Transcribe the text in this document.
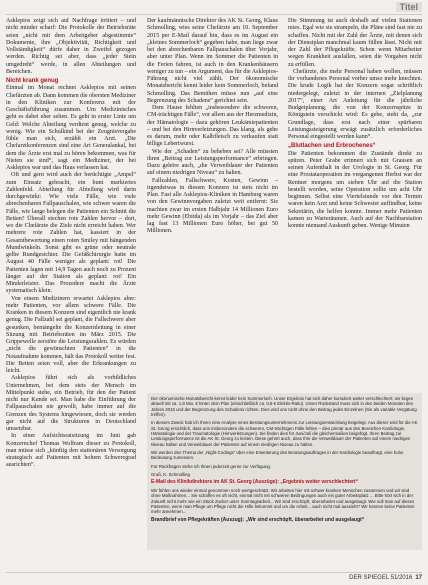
Titel

Asklepios zeigt sich auf Nachfrage irritiert – und nicht minder scharf: Die Protokolle der Betriebsräte seien „nicht mit dem Arbeitgeber abgestimmte“ Dokumente, ihre „Objektivität, Richtigkeit und Vollständigkeit“ dürfe daher in Zweifel gezogen werden. Richtig sei aber, dass „jeder Stein umgedreht“ werde, in allen Abteilungen und Bereichen.

Nicht krank genug

Einmal im Monat rechnet Asklepios mit seinen Chefärzten ab. Dann kommen die obersten Mediziner in den Kliniken zur Konferenz mit der Geschäftsführung zusammen. Um Medizinisches geht es dabei eher selten. Es geht in erster Linie um Geld: Welche Abteilung verdient genug, welche zu wenig. Wie ein Schulkind bei der Zeugnisvergabe fühle man sich, erzählt ein Arzt. „Die Chefarztkonferenzen sind eine Art Generalankal, bei dem die Ärzte erst mal zu hören bekommen, was für Nieten sie sind“, sagt ein Mediziner, der bei Asklepios war und das Haus verlassen hat.

Oft und gern wird auch der berüchtigte „Ampel“ zum Einsatz gebracht, ein bunt markiertes Zahlenfeld. Abteilung für Abteilung wird darin durchgewürkt: Wie viele Fälle, wie viele abrechenbaren Fallpauschalen, wie schwer waren die Fälle, wie lange belegen die Patienten ein Schnitt die Betten? Überall stechen rote Zahlen hervor – dort, wo die Chefärzte die Ziele nicht erreicht haben. Wer mehrere rote Zahlen hat, kassiert in der Gesamtbewertung einen roten Smiley mit hängenden Mundwinkeln. Sonst gibt es grüne oder neutrale gelbe Rundgesichter. Die Gefäßchirurgie hatte im August 40 Fälle weniger als geplant: rot! Die Patienten lagen mit 14,9 Tagen auch noch zu Prozent länger auf der Station als geplant: rot! Ein Minderleister. Das Prozedere macht die Ärzte systematisch klein.

Von einem Medizinern erwartet Asklepios aber: mehr Patienten, vor allem schwere Fälle. Die Kranken in diesem Konzern sind eigentlich nie krank genug. Die Fallzahl sei geplant, die Fallschwere aber gesunken, bemängelte die Konzernleitung in einer Sitzung mit Betriebsräten im März 2015. Die Grippewelle zerstöre die Leistungszahlen. Es würden „nicht die gewünschten Patienten“ in die Notaufnahme kommen, hält das Protokoll weiter fest. Die Betten seien voll, aber die Erkrankungen zu leicht.

Asklepios führt sich als vorbildliches Unternehmen, bei dem stets der Mensch im Mittelpunkt stehe, ein Betrieb, für den der Patient nicht nur Kunde sei. Man habe die Einführung der Fallpauschalen nie gewollt, habe immer auf die Grenzen des Systems hingewiesen, doch sie werden gar nicht auf die Strukturen in Deutschland umsetzbar.

In einer Aufsichtsratsitzung im Juni gab Konzernchef Thomas Wolfram dieser zu Protokoll, man müsse sich „künftig den stationären Versorgung strategisch auf Patienten mit hohem Schweregrad ausrichten“.

Der kaufmännische Direktor des AK St. Georg, Klaus Schmolling, wies seine Chefärzte am 10. September 2015 per E-Mail darauf hin, dass es im August ein „kleines Sommerloch“ gegeben habe, man liege zwar bei den abrechenbaren Fallpauschalen über Vorjahr, aber unter Plan. Wenn im Sommer die Patienten in die Ferien fahren, ist auch in den Krankenhäusern weniger zu tun – ein Argument, das für die Asklepios-Führung nicht viel zählt. Der ökonomische Monatsbericht kennt leider kein Sommerloch, befand Schmolling. Das Bemühen müsse nun „auf eine Begrenzung des Schadens“ gerichtet sein.

Dem Hause fehlten „insbesondere die schweren, CM-trächtigen Fälle“, vor allem aus der Herzmedizin, der Hämatologie – dazu gehören Leukämiepatienten – und bei den Hirnverletzungen. Das klang, als gehe es darum, mehr oder Kalbfleisch zu verkaufen statt billige Lebertwurst.

Wie der „Schaden“ zu beheben sei? Alle müssten ihren „Beitrag zur Leistungsperformance“ erbringen. Dazu gehöre auch, „die Verweildauer der Patienten auf einem niedrigen Niveau“ zu halten.

Fallzahlen, Fallschwere, Kosten, Gewinn – irgendetwas in diesem Konzern ist stets nicht im Plan. Fast alle Asklepios-Kliniken in Hamburg waren von den Gewinnvorgaben zuletzt weit entfernt: Sie machten zwar im ersten Halbjahr 14 Millionen Euro mehr Gewinn (Ebitda) als im Vorjahr – das Ziel aber lag fast 13 Millionen Euro höher, bei gut 50 Millionen.

Die Stimmung ist auch deshalb auf vielen Stationen mies. Egal wie sie strampeln, die Pläne sind fast nie zu schaffen. Nicht mit der Zahl der Ärzte, mit denen sich der Dienstplan manchmal kaum füllen lässt. Nicht mit der Zahl der Pflegekräfte. Schon wenn Mitarbeiter wegen Krankheit ausfallen, seien die Vorgaben nicht zu erfüllen.

Chefärzte, die mehr Personal haben wollen, müssen ihr vorhandenes Personal vorher umso mehr knechten. Die krude Logik hat der Konzern sogar schriftlich niedergelegt, zuletzt in der internen „Zielplanung 2017“, einer Art Anleitung für die jährliche Budgetplanung, die von der Konzernspitze in Königstein verschickt wird: Es gebe, steht da, „zur Grundlage, dass erst nach einer spürbaren Leistungssteigerung erwägt zusätzlich erforderliches Personal eingestellt werden kann“.

„Blutlachen und Erbrochenes“

Die Patienten bekommen die Zustände direkt zu spüren. Peter Grabe erinnert sich mit Grausen an seinen Aufenthalt in der Urologie in St. Georg. Für eine Prostataoperation im vergangenen Herbst war der Rentner morgens um sieben Uhr auf die Station bestellt worden, seine Operation sollte um acht Uhr beginnen. Selbst eine Viertelstunde vor den Termin waren kein Arzt und keine Schwester auffindbar, keine Sekretärin, die helfen konnte. Immer mehr Patienten kamen zu Warteräumen. Auch auf der Nachbarstation konnte niemand Auskunft geben. Wenige Minuten

Der ökonomische Monatsbericht kennt leider kein Sommerloch. Unser Ergebnis hat sich daher kumuliert weiter verschlechtert; wir liegen aktuell mit ca. 1,8 Mio. € hinter dem Plan (einschließlich ca. 0,8 € Elektiv-Ratio). Unser Rückstand muss sich in den beiden Monaten des Jahres 2015 und der Begrenzung des Schadens richten. Dies wird uns nicht ohne den Beitrag jedes Einzelnen (Sie als variable Vergütung treffen).

In diesem Zweck hab ich Ihnen eine Analyse eines Beratungsunternehmens zur Leistungsentwicklung beigelegt. Aus dieser wird für die AK St. Georg ersichtlich, dass uns insbesondere die schweren, CM-trächtigen Fälle fehlen – dies primär aus den Bereichen Kardiologie, Hämatologie und der Traumatologie (Hirnverletzungen). Sie finden dies für Juni/Juli die gleichermaßen beigefügt. Ihren Beitrag zur Leistungsperformance ist die AK St. Georg zu leisten. Diese gehört auch, dass Ihre die Verweildauer der Patienten auf einem niedrigen Niveau halten und Verweildauer der Patienten auf einem niedrigen Niveau zu halten.

Wir werden den Thema der „Night-Codings“ über eine Erweiterung des Beratungsauftrages in der Kardiologie beauftragt, eine hohe Bedeutung zumessen.

Für Rückfragen stehe ich Ihnen jederzeit gerne zur Verfügung.

Gruß, K. Schmolling

E-Mail des Klinikdirektors im AK St. Georg (Auszüge): „Ergebnis weiter verschlechtert“

Wir fühlen uns wieder einmal genommen noch wertgeschätzt. Wir arbeiten hier mit schwer kranken Menschen zusammen und wir sind ohne Maßnahmen... Sie schaffen es oft nicht, einmal nicht mit schweren Bedingungen auch ein guter Arbeitsplatz ... Bitte hört sich in der Zukunft nicht mehr wie ein Stück Zucker unter Sonntagsarbeit... Wir sind erschöpft, überarbeitet und ausgelaugt. Wie soll man auf dieses Patienten, wenn man Pflege um Pflege nicht die Hilfe bekommt und um die Arbeit... auch nicht mal aussieht? Wir können keine Patienten mehr annehmen...

Brandbrief von Pflegekräften (Auszug): „Wir sind erschöpft, überarbeitet und ausgelaugt“
DER SPIEGEL 51/2016 17
